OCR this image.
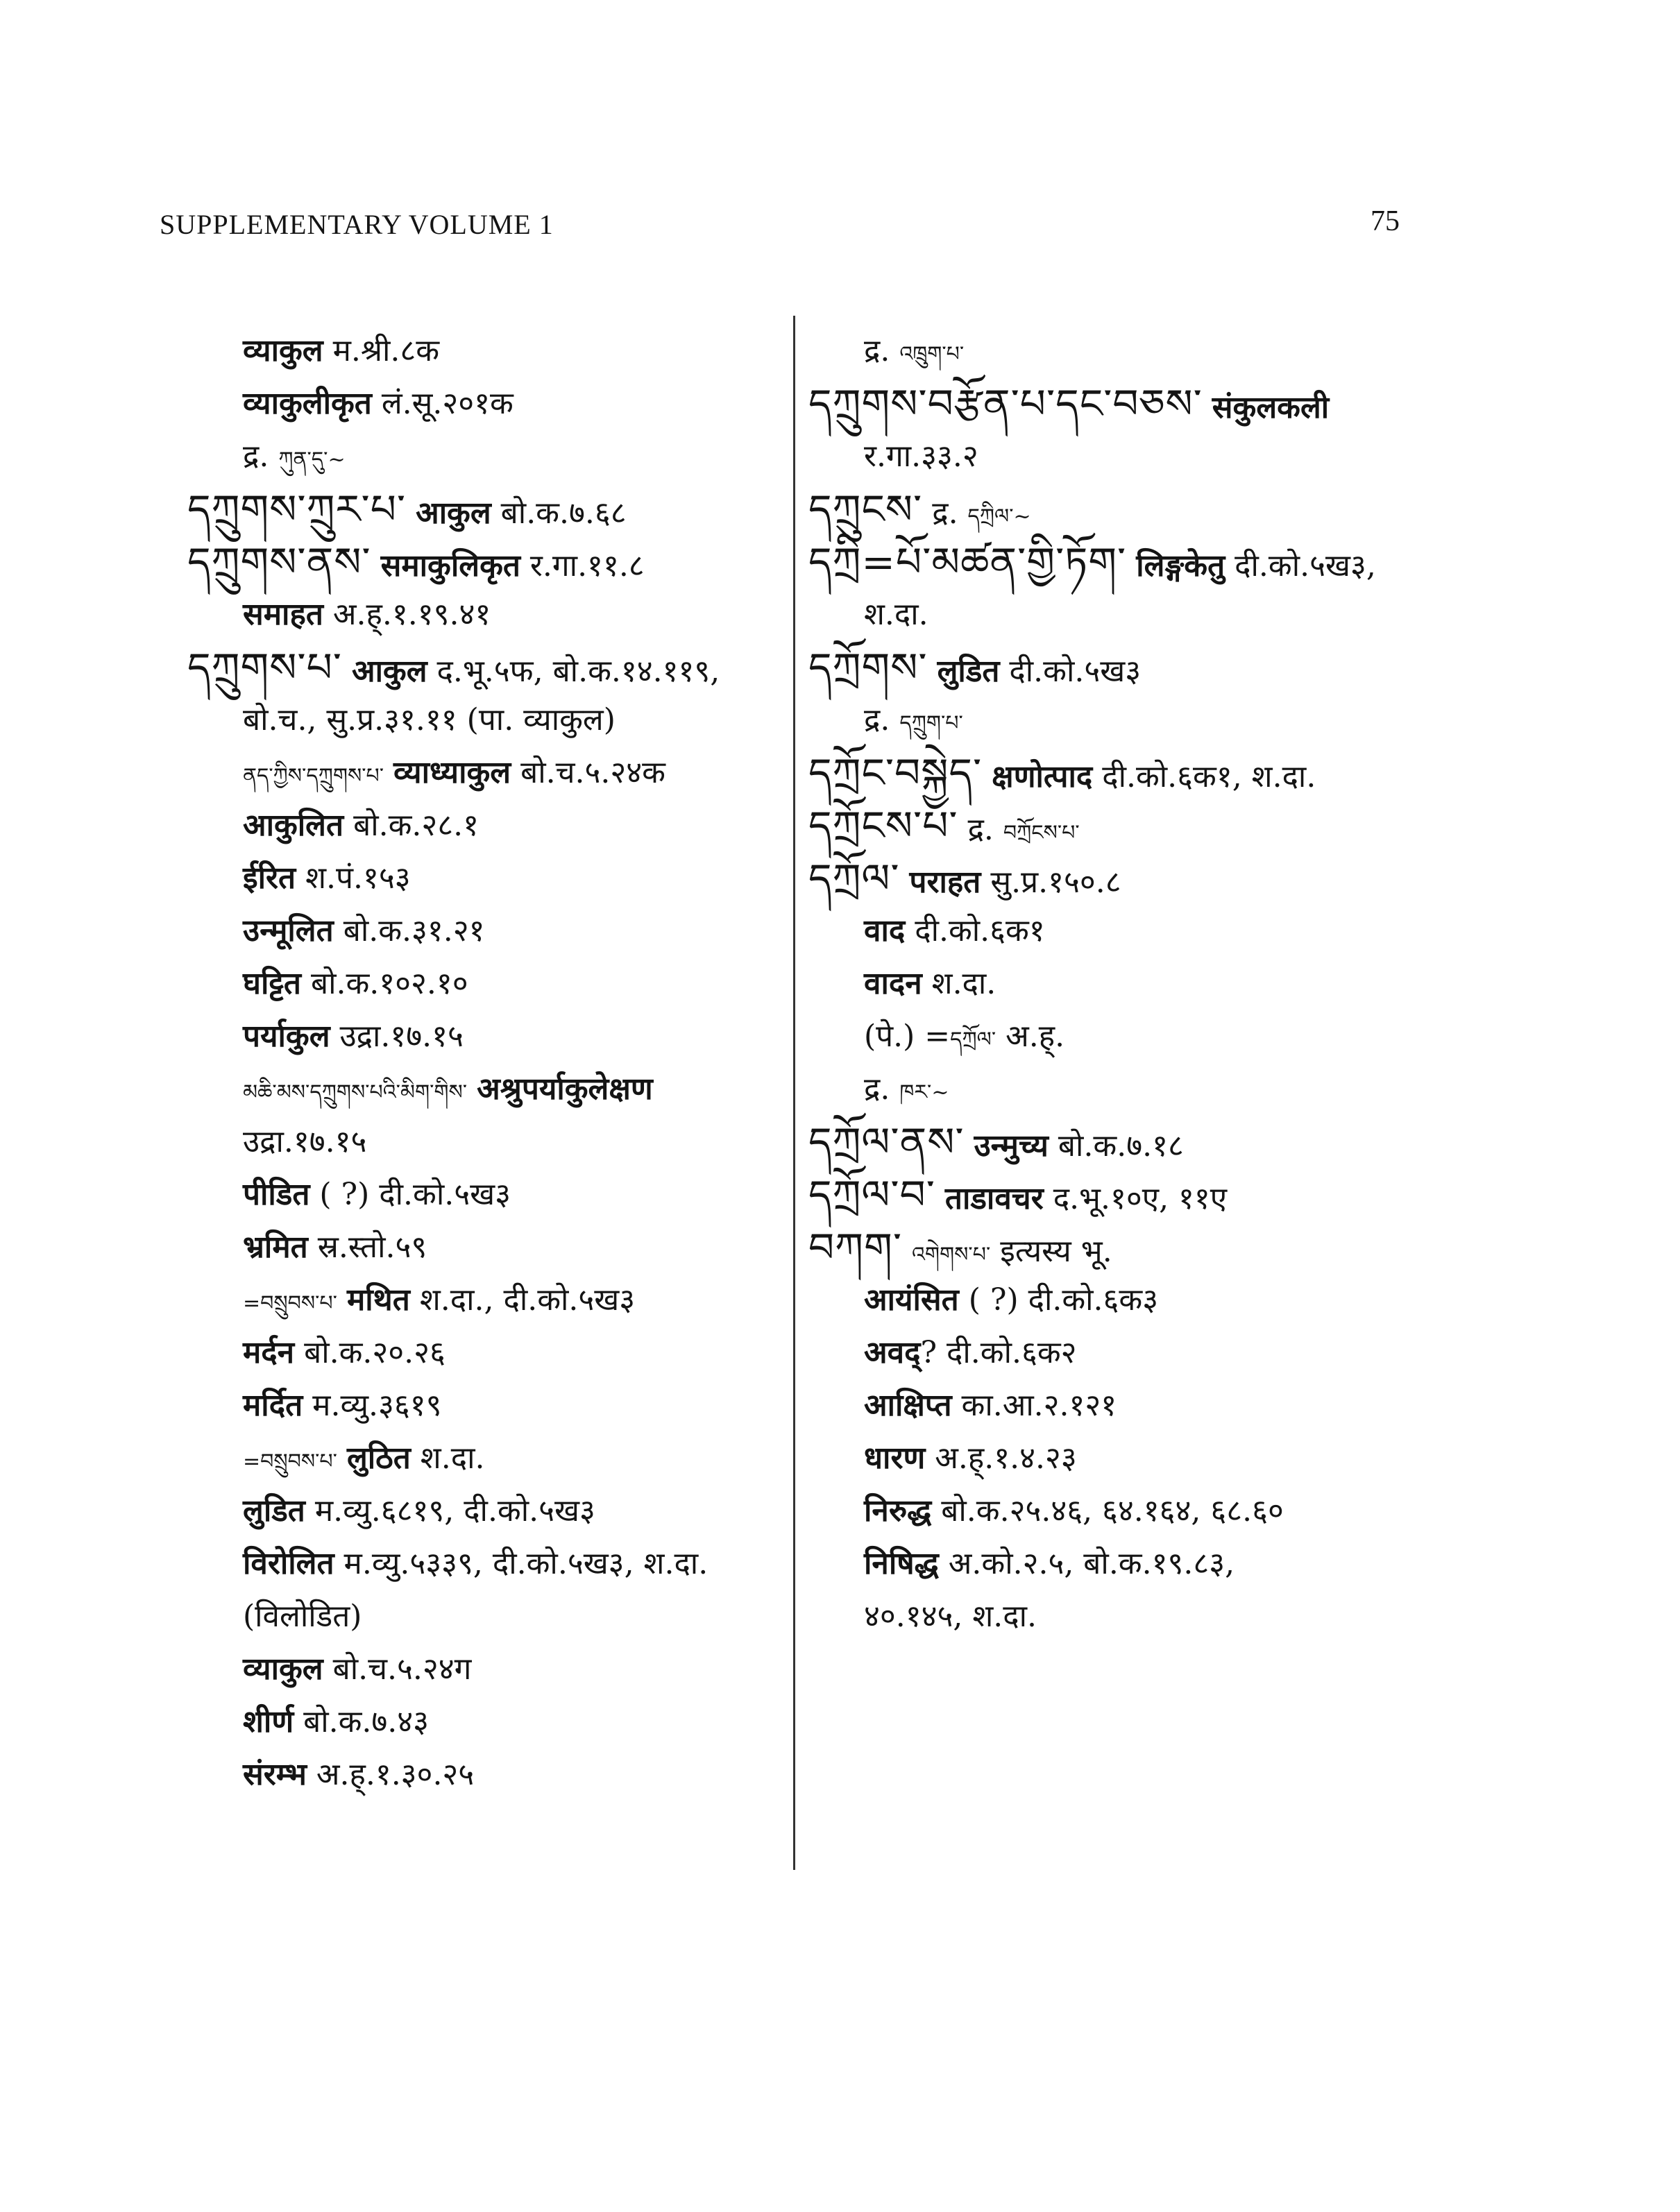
SUPPLEMENTARY VOLUME 1	75
व्याकुल म.श्री.८क
व्याकुलीकृत लं.सू.२०१क
द्र. ཀུན་དུ་~
དཀྲུགས་ཀྲུར་པ་ आकुल बो.क.७.६८
དཀྲུགས་ནས་ समाकुलिकृत र.गा.११.८
समाहत अ.ह्.१.१९.४१
དཀྲུགས་པ་ आकुल द.भू.५फ, बो.क.१४.११९,
बो.च., सु.प्र.३१.११ (पा. व्याकुल)
ནད་ཀྱིས་དཀྲུགས་པ་ व्याध्याकुल बो.च.५.२४क
आकुलित बो.क.२८.१
ईरित श.पं.१५३
उन्मूलित बो.क.३१.२१
घट्टित बो.क.१०२.१०
पर्याकुल उद्रा.१७.१५
མཆི་མས་དཀྲུགས་པའི་མིག་གིས་ अश्रुपर्याकुलेक्षण
उद्रा.१७.१५
पीडित ( ?) दी.को.५ख३
भ्रमित स्र.स्तो.५९
=བསྲུབས་པ་ मथित श.दा., दी.को.५ख३
मर्दन बो.क.२०.२६
मर्दित म.व्यु.३६१९
=བསྲུབས་པ་ लुठित श.दा.
लुडित म.व्यु.६८१९, दी.को.५ख३
विरोलित म.व्यु.५३३९, दी.को.५ख३, श.दा.
(विलोडित)
व्याकुल बो.च.५.२४ग
शीर्ण बो.क.७.४३
संरम्भ अ.ह्.१.३०.२५
द्र. འཁྲུག་པ་
དཀྲུགས་བརྩོན་པ་དང་བཅས་ संकुलकली
र.गा.३३.२
དཀྲུངས་ द्र. དཀྲིལ་~
དཀྲི=པོ་མཚན་གྱི་ཏོག་ लिङ्गकेतु दी.को.५ख३,
श.दा.
དཀྲོགས་ लुडित दी.को.५ख३
द्र. དཀྲུག་པ་
དཀྲོང་བསྐྱེད་ क्षणोत्पाद दी.को.६क१, श.दा.
དཀྲོངས་པ་ द्र. བཀྲོངས་པ་
དཀྲོལ་ पराहत सु.प्र.१५०.८
वाद दी.को.६क१
वादन श.दा.
(पे.) =དཀྲོལ་ अ.ह्.
द्र. ཁར་~
དཀྲོལ་ནས་ उन्मुच्य बो.क.७.१८
དཀྲོལ་བ་ ताडावचर द.भू.१०ए, ११ए
བཀག་ འགེགས་པ་ इत्यस्य भू.
आयंसित ( ?) दी.को.६क३
अवद्? दी.को.६क२
आक्षिप्त का.आ.२.१२१
धारण अ.ह्.१.४.२३
निरुद्ध बो.क.२५.४६, ६४.१६४, ६८.६०
निषिद्ध अ.को.२.५, बो.क.१९.८३,
४०.१४५, श.दा.
